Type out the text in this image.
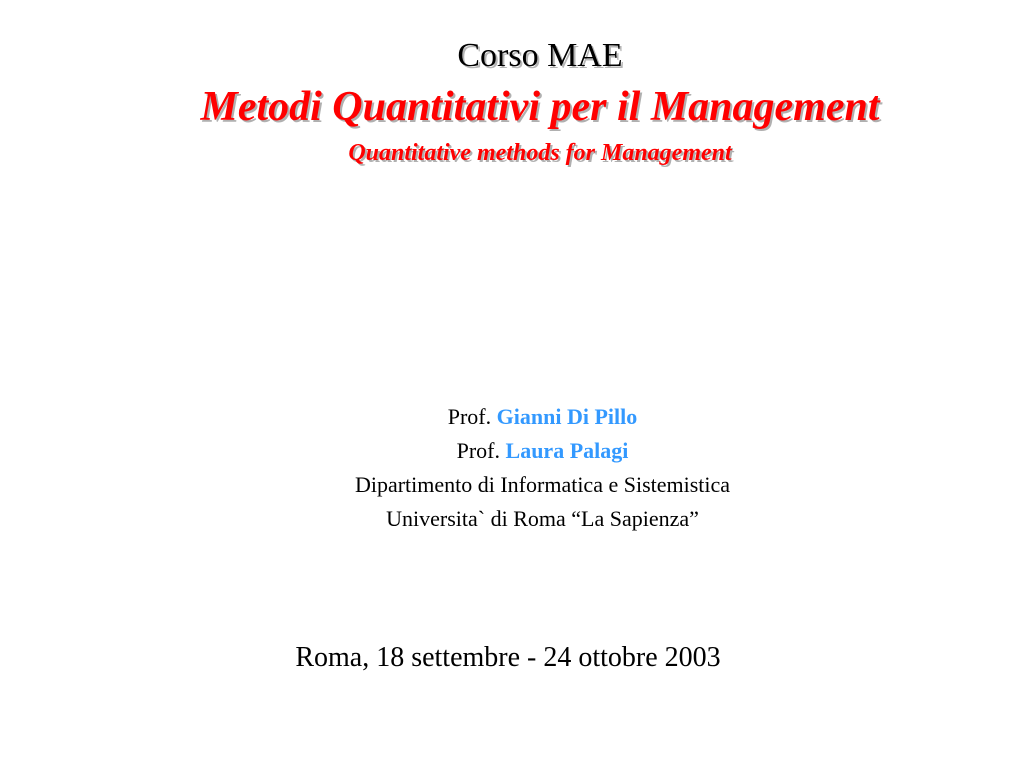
Corso MAE
Metodi Quantitativi per il Management
Quantitative methods for Management
Prof. Gianni Di Pillo
Prof. Laura Palagi
Dipartimento di Informatica e Sistemistica
Universita` di Roma “La Sapienza”
Roma, 18 settembre - 24 ottobre 2003
